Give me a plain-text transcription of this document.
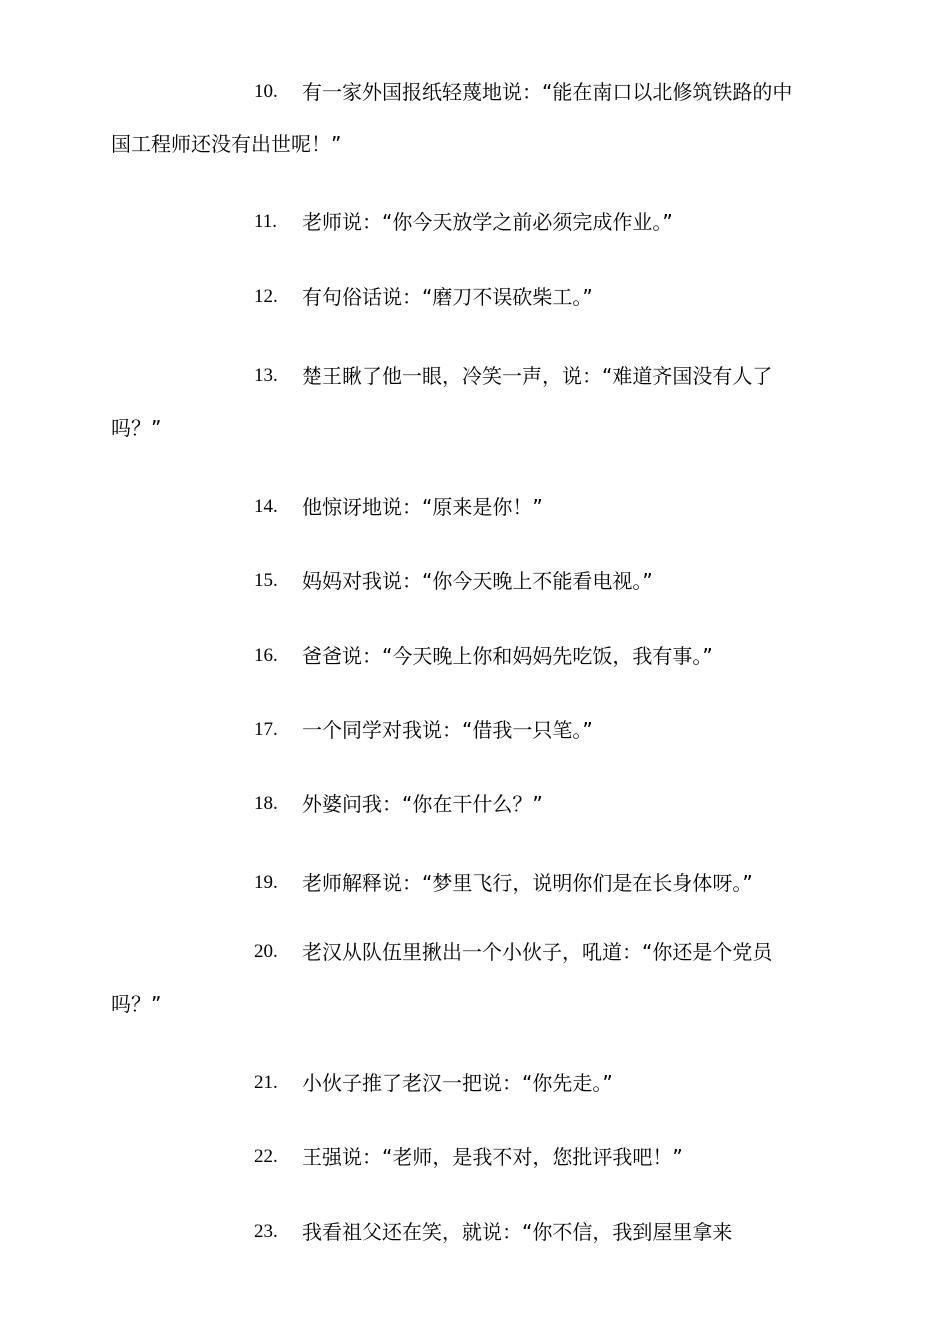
10. 有一家外国报纸轻蔑地说：“能在南口以北修筑铁路的中
国工程师还没有出世呢！”
11. 老师说：“你今天放学之前必须完成作业。”
12. 有句俗话说：“磨刀不误砍柴工。”
13. 楚王瞅了他一眼，冷笑一声，说：“难道齐国没有人了
吗？”
14. 他惊讶地说：“原来是你！”
15. 妈妈对我说：“你今天晚上不能看电视。”
16. 爸爸说：“今天晚上你和妈妈先吃饭，我有事。”
17. 一个同学对我说：“借我一只笔。”
18. 外婆问我：“你在干什么？”
19. 老师解释说：“梦里飞行，说明你们是在长身体呀。”
20. 老汉从队伍里揪出一个小伙子，吼道：“你还是个党员
吗？”
21. 小伙子推了老汉一把说：“你先走。”
22. 王强说：“老师，是我不对，您批评我吧！”
23. 我看祖父还在笑，就说：“你不信，我到屋里拿来
